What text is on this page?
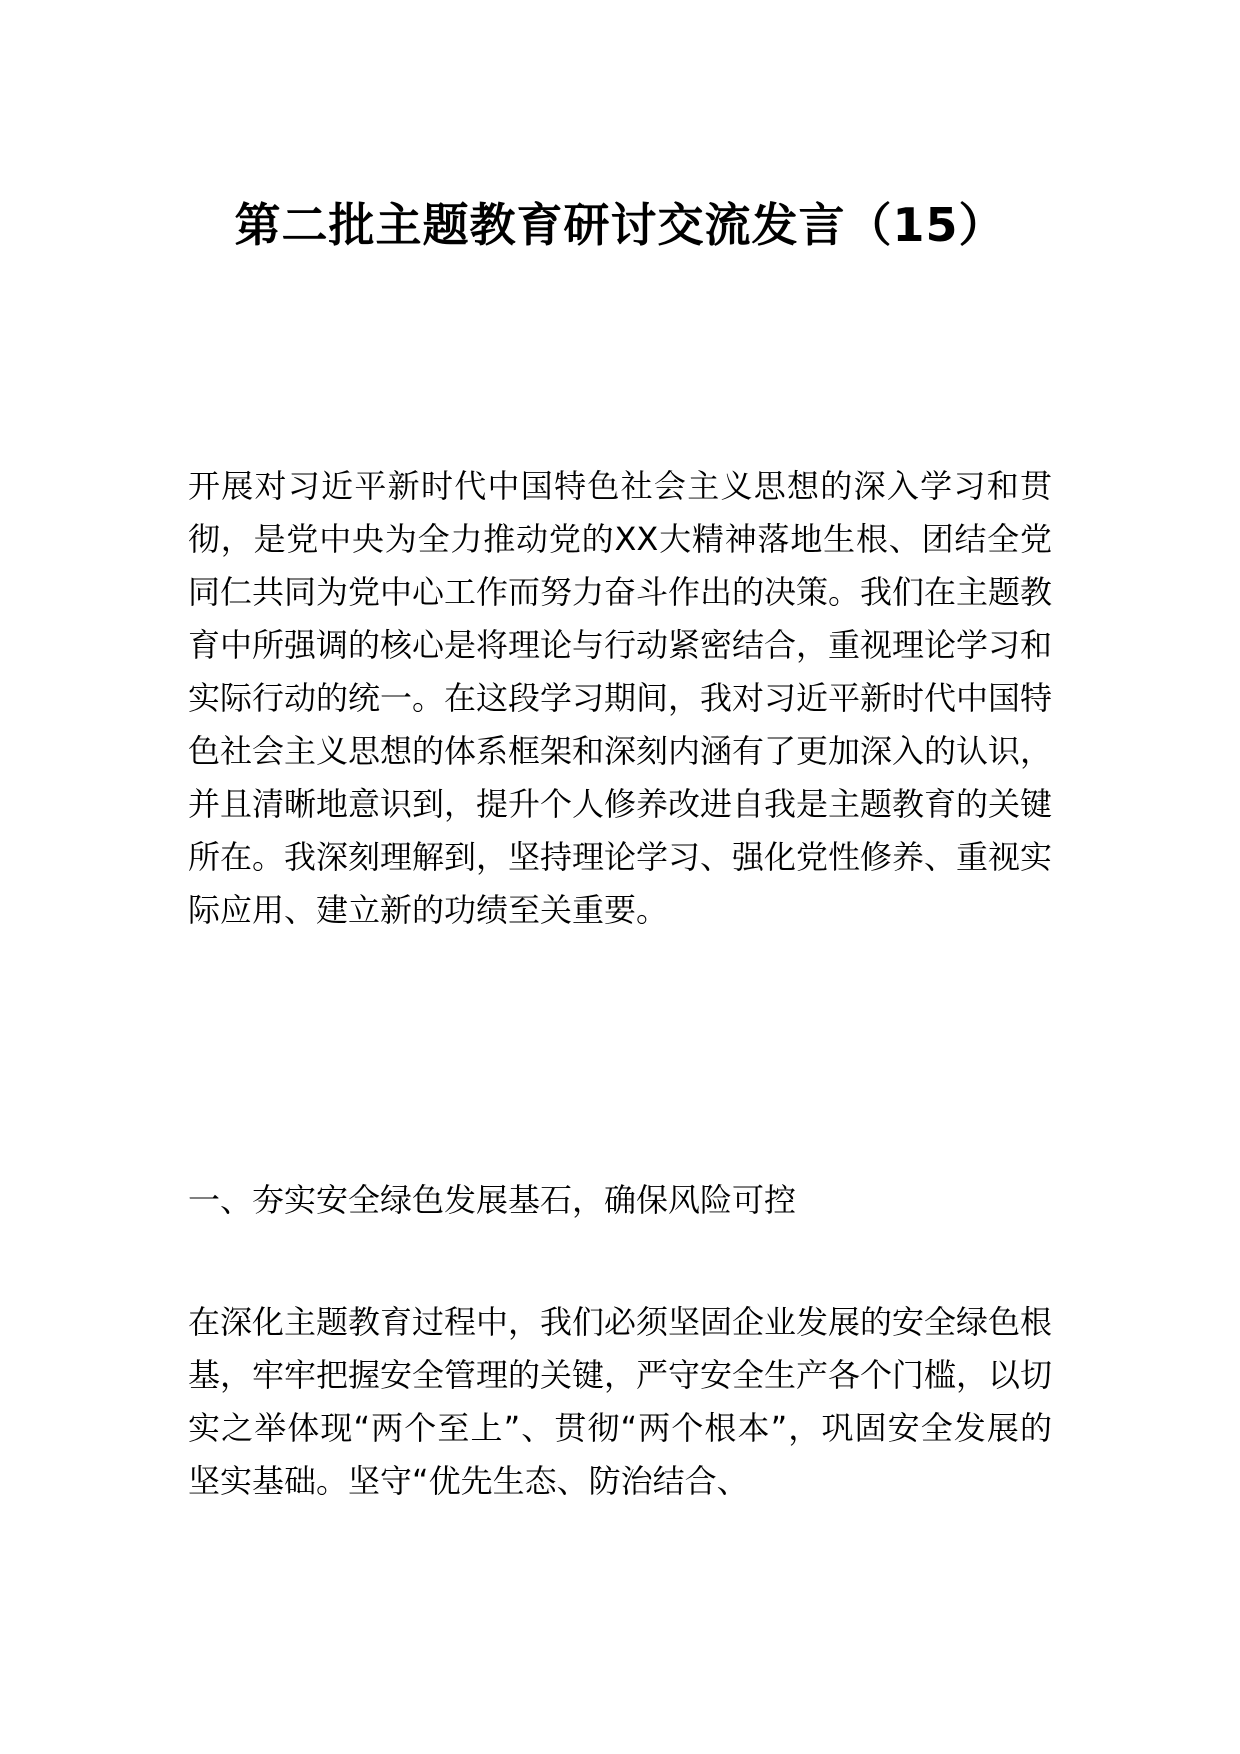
第二批主题教育研讨交流发言（15）

开展对习近平新时代中国特色社会主义思想的深入学习和贯彻，是党中央为全力推动党的XX大精神落地生根、团结全党同仁共同为党中心工作而努力奋斗作出的决策。我们在主题教育中所强调的核心是将理论与行动紧密结合，重视理论学习和实际行动的统一。在这段学习期间，我对习近平新时代中国特色社会主义思想的体系框架和深刻内涵有了更加深入的认识，并且清晰地意识到，提升个人修养改进自我是主题教育的关键所在。我深刻理解到，坚持理论学习、强化党性修养、重视实际应用、建立新的功绩至关重要。

一、夯实安全绿色发展基石，确保风险可控

在深化主题教育过程中，我们必须坚固企业发展的安全绿色根基，牢牢把握安全管理的关键，严守安全生产各个门槛，以切实之举体现“两个至上”、贯彻“两个根本”，巩固安全发展的坚实基础。坚守“优先生态、防治结合、
